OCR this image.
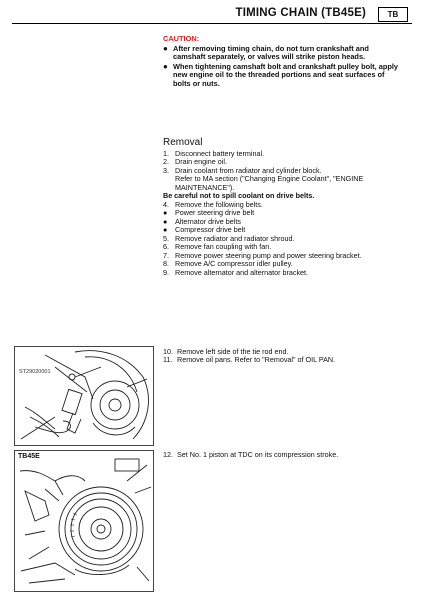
TIMING CHAIN (TB45E)	TB
CAUTION:
● After removing timing chain, do not turn crankshaft and camshaft separately, or valves will strike piston heads.
● When tightening camshaft bolt and crankshaft pulley bolt, apply new engine oil to the threaded portions and seat surfaces of bolts or nuts.
Removal
1. Disconnect battery terminal.
2. Drain engine oil.
3. Drain coolant from radiator and cylinder block.
Refer to MA section ("Changing Engine Coolant", "ENGINE MAINTENANCE").
Be careful not to spill coolant on drive belts.
4. Remove the following belts.
●	Power steering drive belt
●	Alternator drive belts
●	Compressor drive belt
5. Remove radiator and radiator shroud.
6. Remove fan coupling with fan.
7. Remove power steering pump and power steering bracket.
8. Remove A/C compressor idler pulley.
9. Remove alternator and alternator bracket.
10. Remove left side of the tie rod end.
11. Remove oil pans. Refer to "Removal" of OIL PAN.
12. Set No. 1 piston at TDC on its compression stroke.
ST29020001
TB45E
